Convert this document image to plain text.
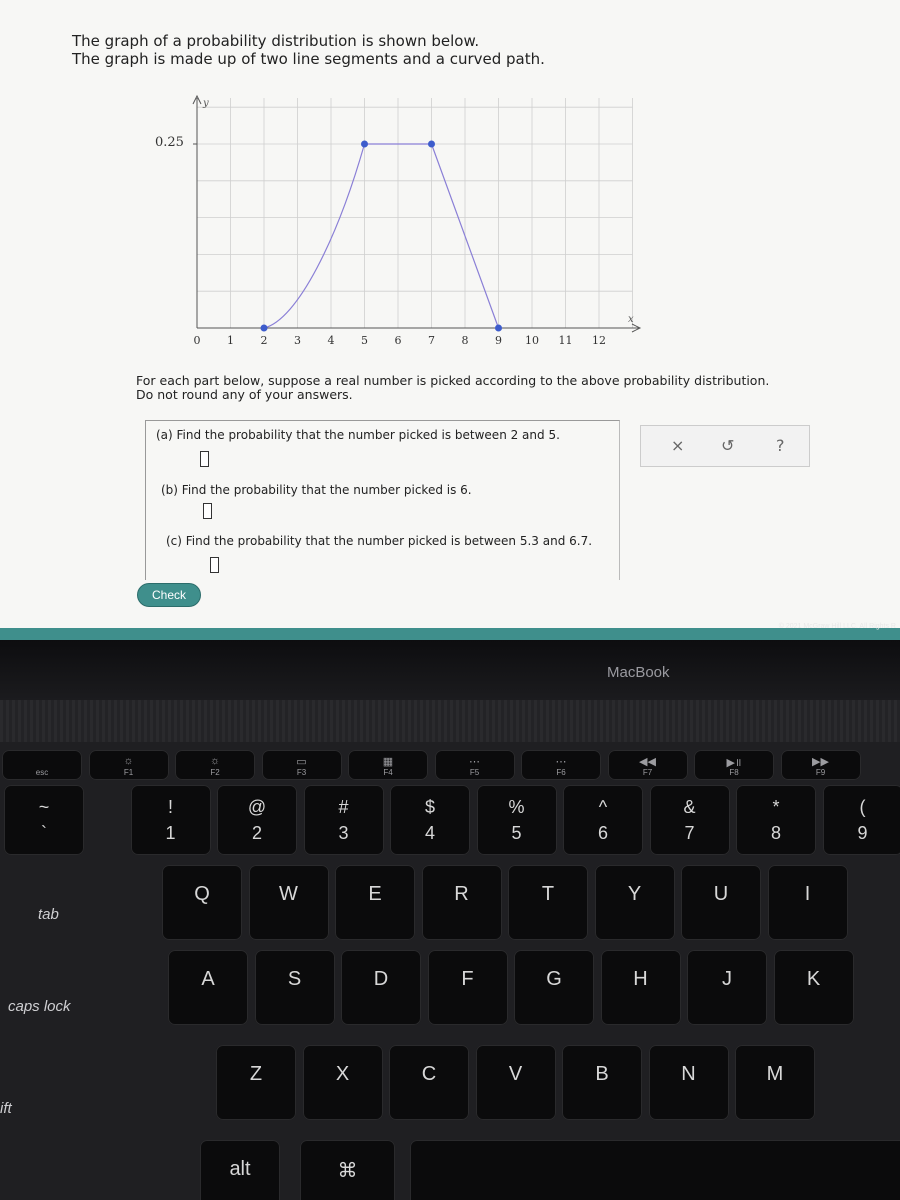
The graph of a probability distribution is shown below.
The graph is made up of two line segments and a curved path.
y
x
0.25
0 1 2 3 4 5 6 7 8 9 10 11 12
For each part below, suppose a real number is picked according to the above probability distribution.
Do not round any of your answers.
(a) Find the probability that the number picked is between 2 and 5.
(b) Find the probability that the number picked is 6.
(c) Find the probability that the number picked is between 5.3 and 6.7.
× ↺	?
Check
© 2021 McGraw Hill LLC. All Rights R
MacBook
tab
caps lock
ift
esc
☼
F1
☼
F2
▭
F3
▦
F4
⋯
F5
⋯
F6
◀◀
F7
▶॥
F8
▶▶
F9
~
`
!
1
@
2
#
3
$
4
%
5
^
6
&
7
*
8
(
9
Q	W	E	R	T	Y	U	I
A	S	D	F	G	H	J	K
Z	X	C	V	B	N	M
alt	⌘
